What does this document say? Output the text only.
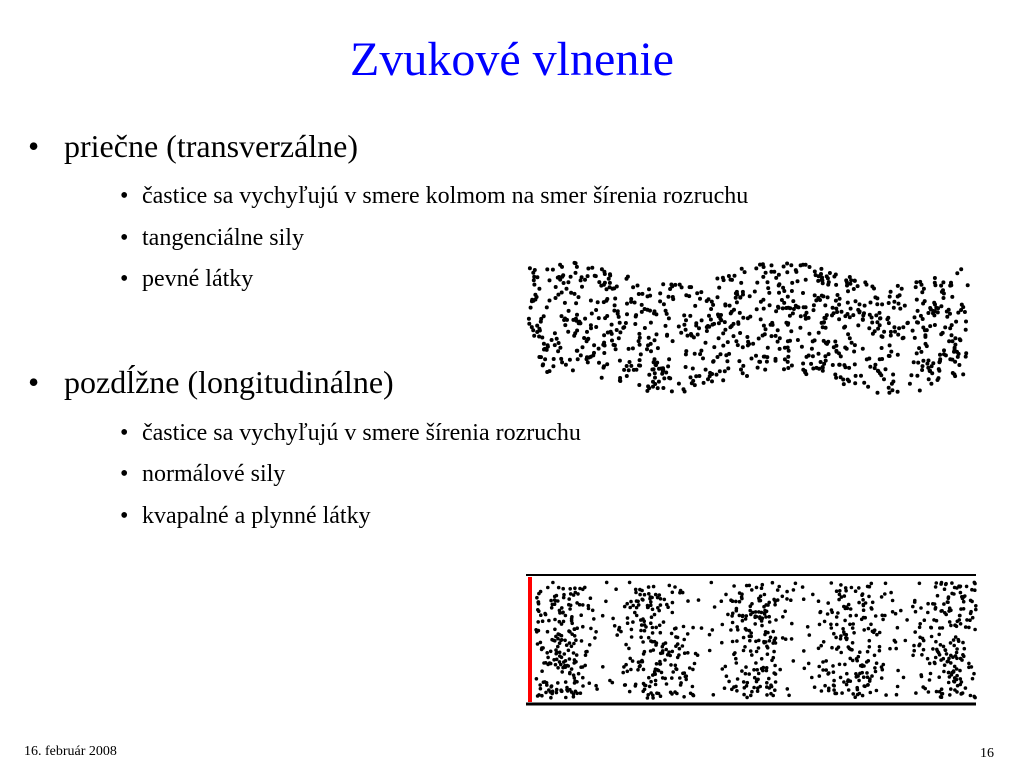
Zvukové vlnenie
• priečne (transverzálne)
• častice sa vychyľujú v smere kolmom na smer šírenia rozruchu
• tangenciálne sily
• pevné látky
• pozdĺžne (longitudinálne)
• častice sa vychyľujú v smere šírenia rozruchu
• normálové sily
• kvapalné a plynné látky
16. február 2008	16
